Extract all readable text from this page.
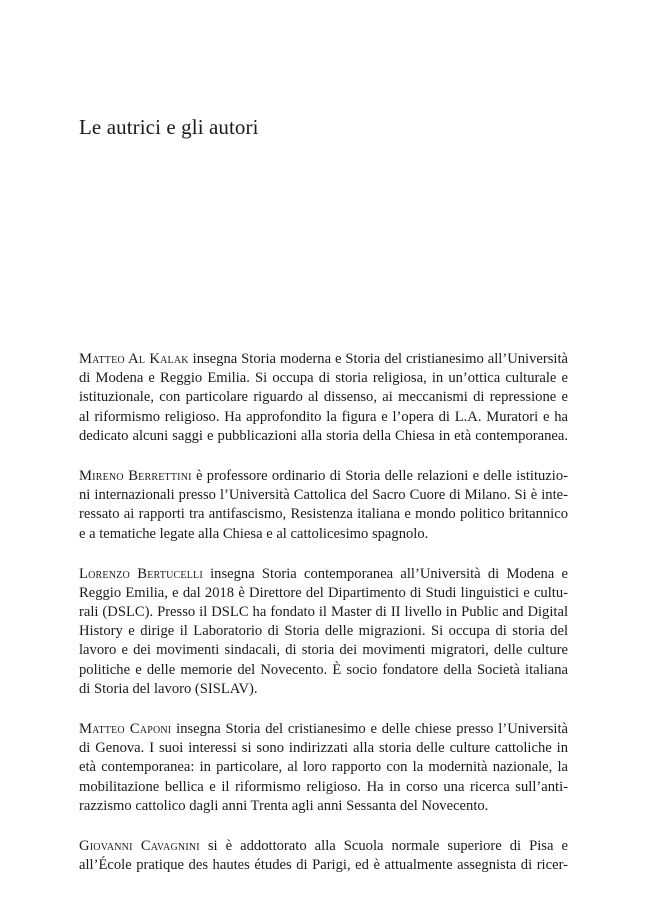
Le autrici e gli autori
Matteo Al Kalak insegna Storia moderna e Storia del cristianesimo all’Università
di Modena e Reggio Emilia. Si occupa di storia religiosa, in un’ottica culturale e
istituzionale, con particolare riguardo al dissenso, ai meccanismi di repressione e
al riformismo religioso. Ha approfondito la figura e l’opera di L.A. Muratori e ha
dedicato alcuni saggi e pubblicazioni alla storia della Chiesa in età contemporanea.
Mireno Berrettini è professore ordinario di Storia delle relazioni e delle istituzio-
ni internazionali presso l’Università Cattolica del Sacro Cuore di Milano. Si è inte-
ressato ai rapporti tra antifascismo, Resistenza italiana e mondo politico britannico
e a tematiche legate alla Chiesa e al cattolicesimo spagnolo.
Lorenzo Bertucelli insegna Storia contemporanea all’Università di Modena e
Reggio Emilia, e dal 2018 è Direttore del Dipartimento di Studi linguistici e cultu-
rali (DSLC). Presso il DSLC ha fondato il Master di II livello in Public and Digital
History e dirige il Laboratorio di Storia delle migrazioni. Si occupa di storia del
lavoro e dei movimenti sindacali, di storia dei movimenti migratori, delle culture
politiche e delle memorie del Novecento. È socio fondatore della Società italiana
di Storia del lavoro (SISLAV).
Matteo Caponi insegna Storia del cristianesimo e delle chiese presso l’Università
di Genova. I suoi interessi si sono indirizzati alla storia delle culture cattoliche in
età contemporanea: in particolare, al loro rapporto con la modernità nazionale, la
mobilitazione bellica e il riformismo religioso. Ha in corso una ricerca sull’anti-
razzismo cattolico dagli anni Trenta agli anni Sessanta del Novecento.
Giovanni Cavagnini si è addottorato alla Scuola normale superiore di Pisa e
all’École pratique des hautes études di Parigi, ed è attualmente assegnista di ricer-
